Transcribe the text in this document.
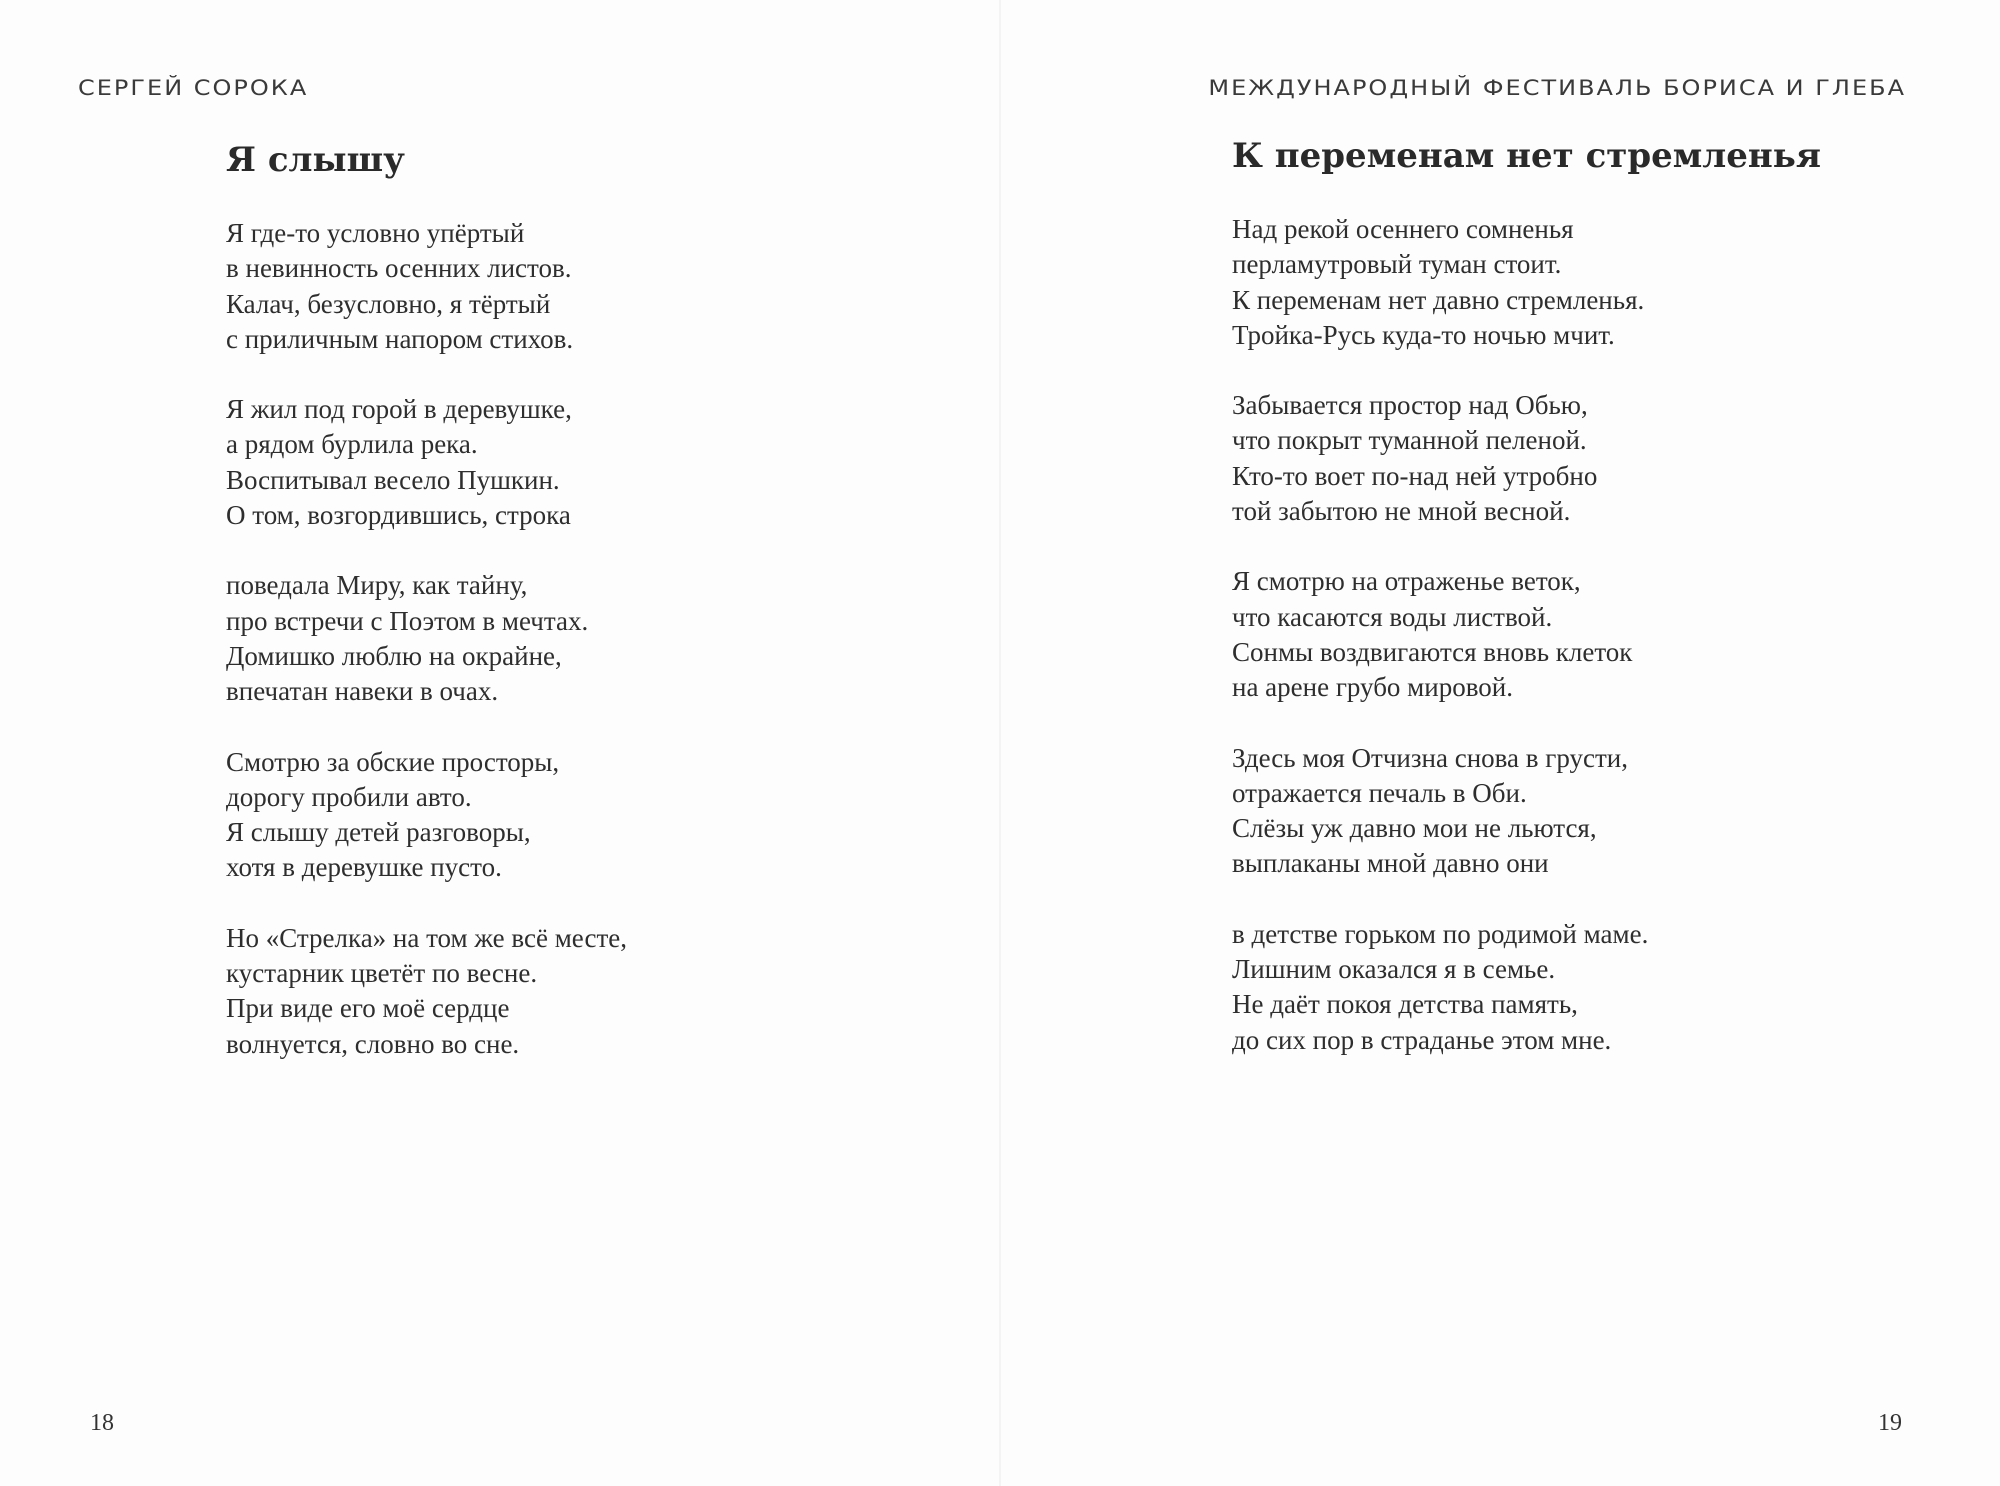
СЕРГЕЙ СОРОКА
Я слышу
Я где-то условно упёртый
в невинность осенних листов.
Калач, безусловно, я тёртый
с приличным напором стихов.
Я жил под горой в деревушке,
а рядом бурлила река.
Воспитывал весело Пушкин.
О том, возгордившись, строка
поведала Миру, как тайну,
про встречи с Поэтом в мечтах.
Домишко люблю на окрайне,
впечатан навеки в очах.
Смотрю за обские просторы,
дорогу пробили авто.
Я слышу детей разговоры,
хотя в деревушке пусто.
Но «Стрелка» на том же всё месте,
кустарник цветёт по весне.
При виде его моё сердце
волнуется, словно во сне.
18
МЕЖДУНАРОДНЫЙ ФЕСТИВАЛЬ БОРИСА И ГЛЕБА
К переменам нет стремленья
Над рекой осеннего сомненья
перламутровый туман стоит.
К переменам нет давно стремленья.
Тройка-Русь куда-то ночью мчит.
Забывается простор над Обью,
что покрыт туманной пеленой.
Кто-то воет по-над ней утробно
той забытою не мной весной.
Я смотрю на отраженье веток,
что касаются воды листвой.
Сонмы воздвигаются вновь клеток
на арене грубо мировой.
Здесь моя Отчизна снова в грусти,
отражается печаль в Оби.
Слёзы уж давно мои не льются,
выплаканы мной давно они
в детстве горьком по родимой маме.
Лишним оказался я в семье.
Не даёт покоя детства память,
до сих пор в страданье этом мне.
19
